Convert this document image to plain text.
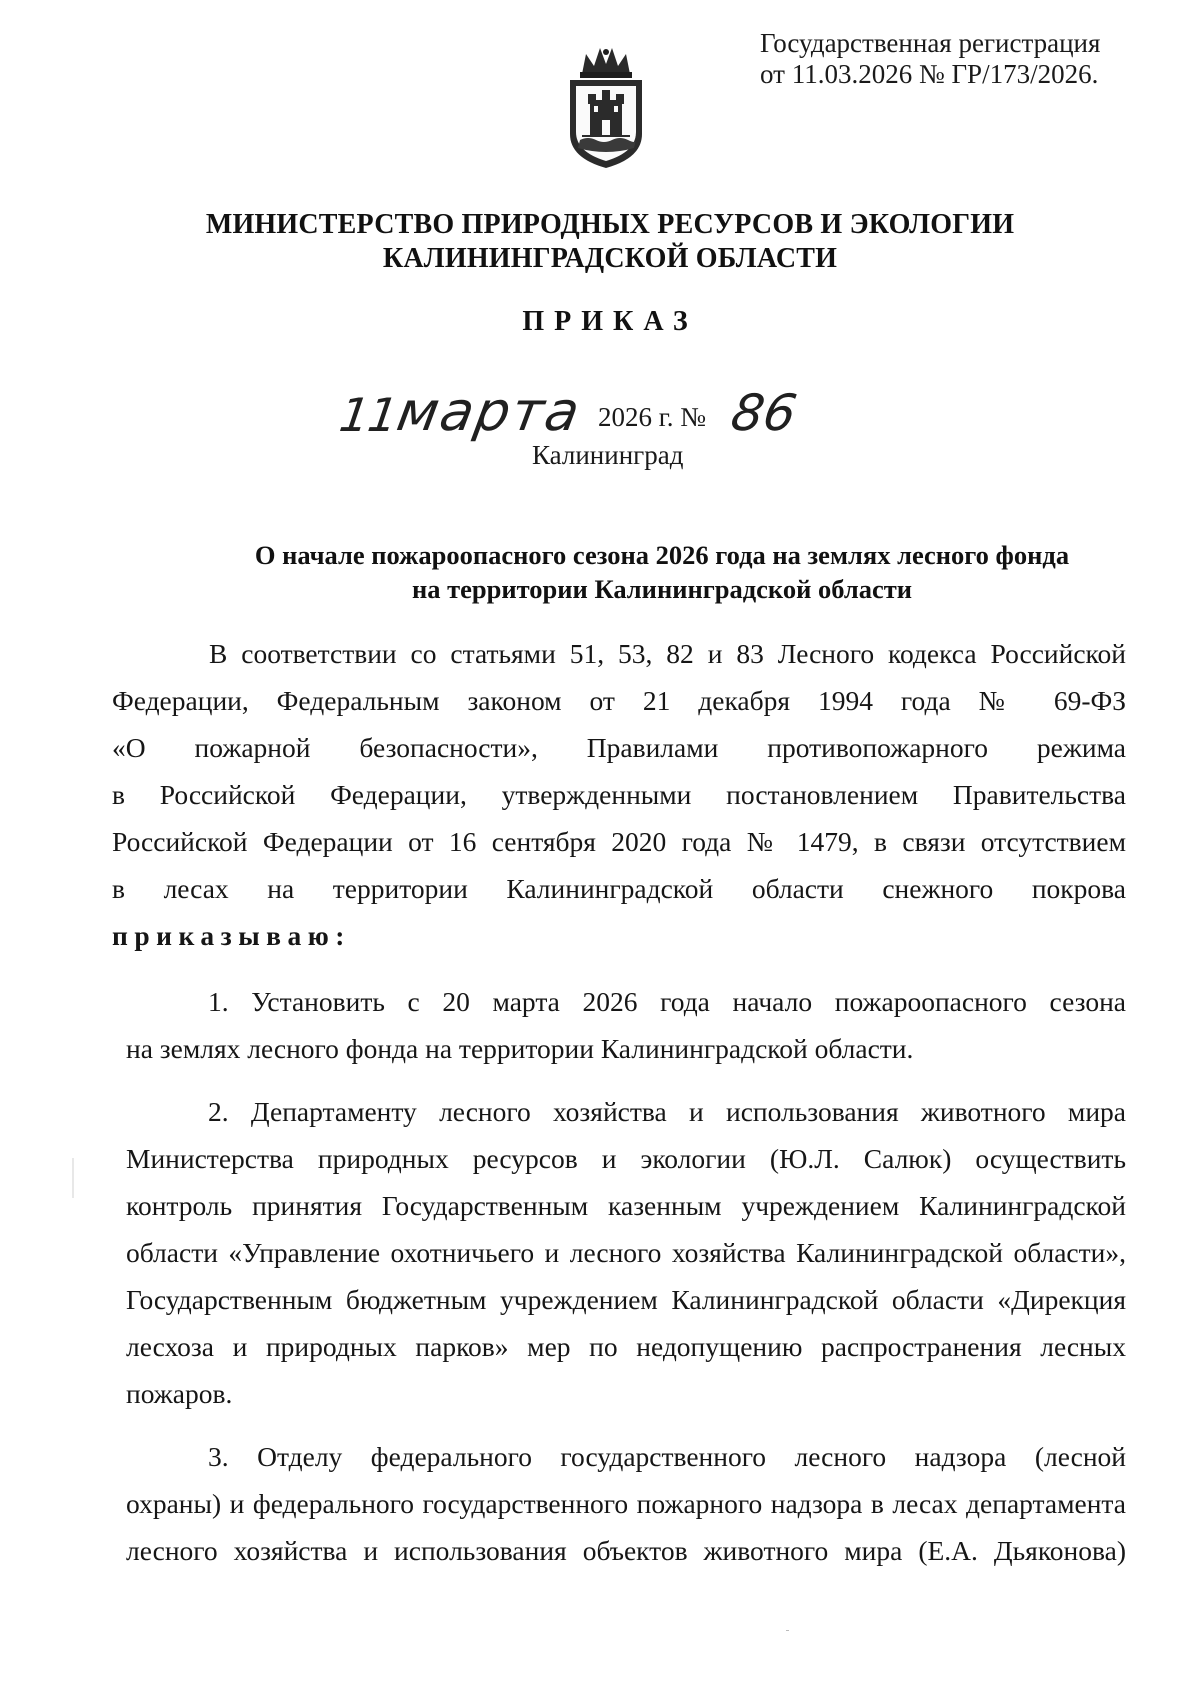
Государственная регистрация
от 11.03.2026 № ГР/173/2026.
МИНИСТЕРСТВО ПРИРОДНЫХ РЕСУРСОВ И ЭКОЛОГИИ
КАЛИНИНГРАДСКОЙ ОБЛАСТИ
ПРИКАЗ
11
марта 2026 г. № 86
Калининград
О начале пожароопасного сезона 2026 года на землях лесного фонда
на территории Калининградской области
В соответствии со статьями 51, 53, 82 и 83 Лесного кодекса Российской
Федерации, Федеральным законом от 21 декабря 1994 года № 69-ФЗ
«О пожарной безопасности», Правилами противопожарного режима
в Российской Федерации, утвержденными постановлением Правительства
Российской Федерации от 16 сентября 2020 года № 1479, в связи отсутствием
в лесах на территории Калининградской области снежного покрова
приказываю:
1. Установить с 20 марта 2026 года начало пожароопасного сезона
на землях лесного фонда на территории Калининградской области.
2. Департаменту лесного хозяйства и использования животного мира
Министерства природных ресурсов и экологии (Ю.Л. Салюк) осуществить
контроль принятия Государственным казенным учреждением Калининградской
области «Управление охотничьего и лесного хозяйства Калининградской области»,
Государственным бюджетным учреждением Калининградской области «Дирекция
лесхоза и природных парков» мер по недопущению распространения лесных
пожаров.
3. Отделу федерального государственного лесного надзора (лесной
охраны) и федерального государственного пожарного надзора в лесах департамента
лесного хозяйства и использования объектов животного мира (Е.А. Дьяконова)
